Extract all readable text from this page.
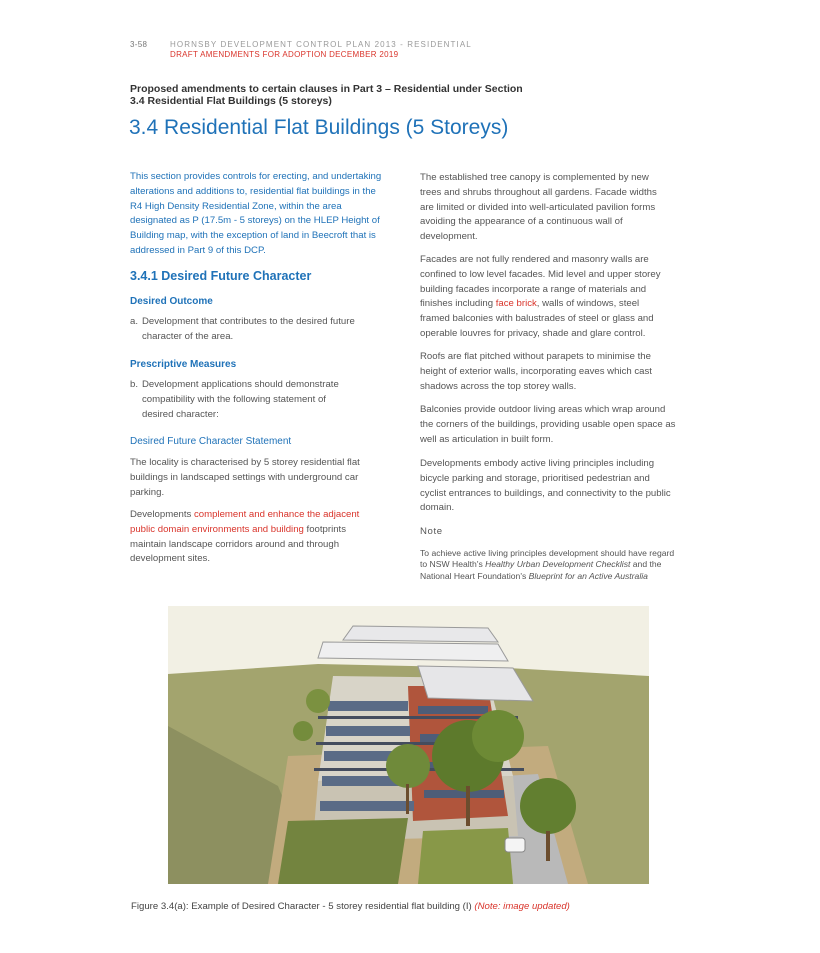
3-58	HORNSBY DEVELOPMENT CONTROL PLAN 2013 - RESIDENTIAL
DRAFT AMENDMENTS FOR ADOPTION DECEMBER 2019
Proposed amendments to certain clauses in Part 3 – Residential under Section
3.4 Residential Flat Buildings (5 storeys)
3.4 Residential Flat Buildings (5 Storeys)
This section provides controls for erecting, and undertaking
alterations and additions to, residential flat buildings in the
R4 High Density Residential Zone, within the area
designated as P (17.5m - 5 storeys) on the HLEP Height of
Building map, with the exception of land in Beecroft that is
addressed in Part 9 of this DCP.
3.4.1 Desired Future Character
Desired Outcome
a. Development that contributes to the desired future
character of the area.
Prescriptive Measures
b. Development applications should demonstrate
compatibility with the following statement of
desired character:
Desired Future Character Statement
The locality is characterised by 5 storey residential flat
buildings in landscaped settings with underground car
parking.
Developments complement and enhance the adjacent
public domain environments and building footprints
maintain landscape corridors around and through
development sites.
The established tree canopy is complemented by new
trees and shrubs throughout all gardens. Facade widths
are limited or divided into well-articulated pavilion forms
avoiding the appearance of a continuous wall of
development.
Facades are not fully rendered and masonry walls are
confined to low level facades. Mid level and upper storey
building facades incorporate a range of materials and
finishes including face brick, walls of windows, steel
framed balconies with balustrades of steel or glass and
operable louvres for privacy, shade and glare control.
Roofs are flat pitched without parapets to minimise the
height of exterior walls, incorporating eaves which cast
shadows across the top storey walls.
Balconies provide outdoor living areas which wrap around
the corners of the buildings, providing usable open space as
well as articulation in built form.
Developments embody active living principles including
bicycle parking and storage, prioritised pedestrian and
cyclist entrances to buildings, and connectivity to the public
domain.
Note
To achieve active living principles development should have regard
to NSW Health's Healthy Urban Development Checklist and the
National Heart Foundation's Blueprint for an Active Australia
Figure 3.4(a): Example of Desired Character - 5 storey residential flat building (I) (Note: image updated)
